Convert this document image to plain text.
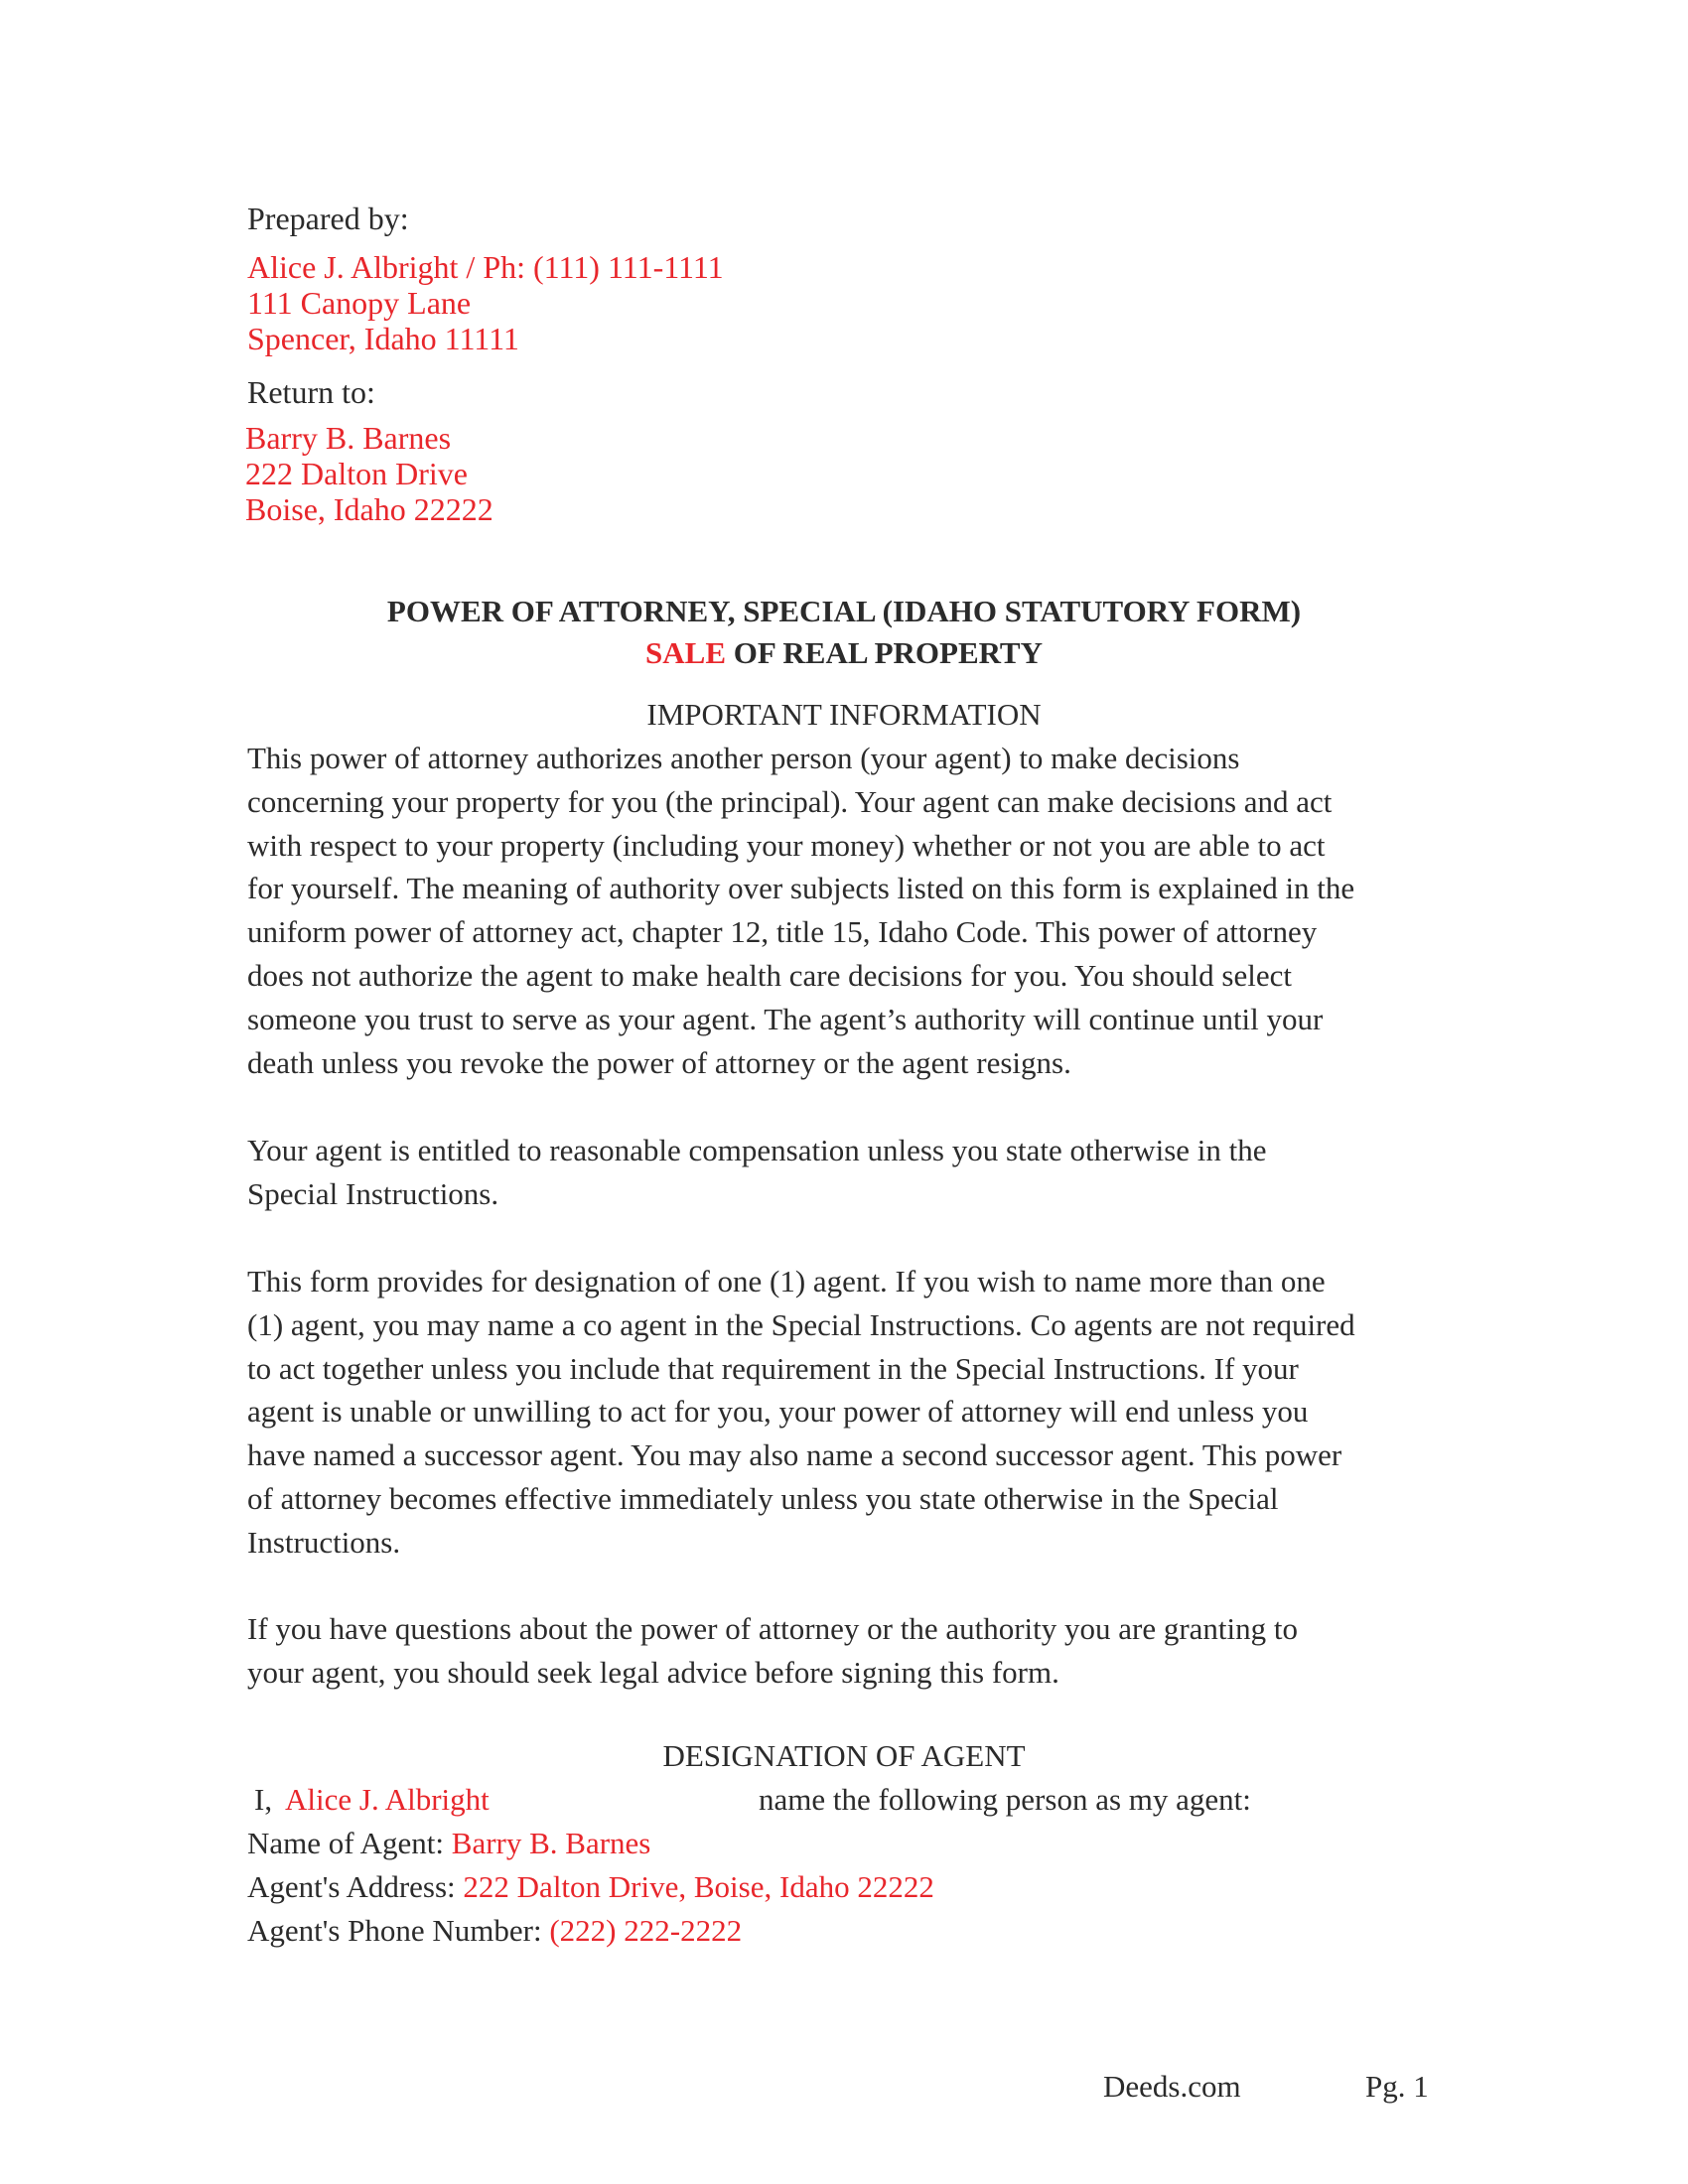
Prepared by:
Alice J. Albright / Ph: (111) 111-1111
111 Canopy Lane
Spencer, Idaho 11111
Return to:
Barry B. Barnes
222 Dalton Drive
Boise, Idaho 22222
POWER OF ATTORNEY, SPECIAL (IDAHO STATUTORY FORM)
SALE OF REAL PROPERTY
IMPORTANT INFORMATION
This power of attorney authorizes another person (your agent) to make decisions
concerning your property for you (the principal). Your agent can make decisions and act
with respect to your property (including your money) whether or not you are able to act
for yourself. The meaning of authority over subjects listed on this form is explained in the
uniform power of attorney act, chapter 12, title 15, Idaho Code. This power of attorney
does not authorize the agent to make health care decisions for you. You should select
someone you trust to serve as your agent. The agent’s authority will continue until your
death unless you revoke the power of attorney or the agent resigns.
Your agent is entitled to reasonable compensation unless you state otherwise in the
Special Instructions.
This form provides for designation of one (1) agent. If you wish to name more than one
(1) agent, you may name a co agent in the Special Instructions. Co agents are not required
to act together unless you include that requirement in the Special Instructions. If your
agent is unable or unwilling to act for you, your power of attorney will end unless you
have named a successor agent. You may also name a second successor agent. This power
of attorney becomes effective immediately unless you state otherwise in the Special
Instructions.
If you have questions about the power of attorney or the authority you are granting to
your agent, you should seek legal advice before signing this form.
DESIGNATION OF AGENT
I, Alice J. Albright	name the following person as my agent:
Name of Agent: Barry B. Barnes
Agent's Address: 222 Dalton Drive, Boise, Idaho 22222
Agent's Phone Number: (222) 222-2222
Deeds.com	Pg. 1
